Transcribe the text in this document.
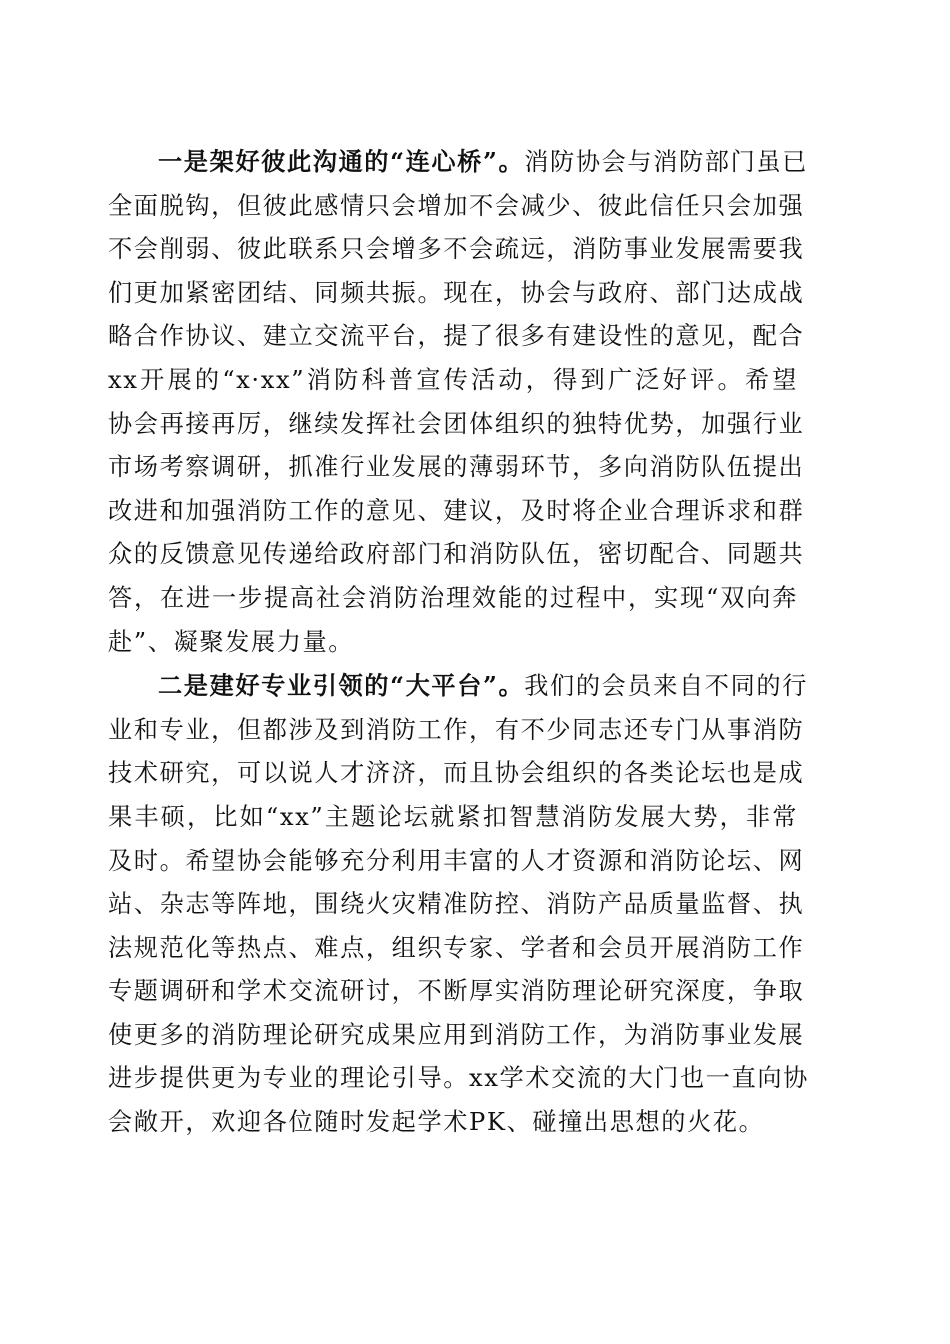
一是架好彼此沟通的“连心桥”。消防协会与消防部门虽已
全面脱钩，但彼此感情只会增加不会减少、彼此信任只会加强
不会削弱、彼此联系只会增多不会疏远，消防事业发展需要我
们更加紧密团结、同频共振。现在，协会与政府、部门达成战
略合作协议、建立交流平台，提了很多有建设性的意见，配合
xx开展的“x·xx”消防科普宣传活动，得到广泛好评。希望
协会再接再厉，继续发挥社会团体组织的独特优势，加强行业
市场考察调研，抓准行业发展的薄弱环节，多向消防队伍提出
改进和加强消防工作的意见、建议，及时将企业合理诉求和群
众的反馈意见传递给政府部门和消防队伍，密切配合、同题共
答，在进一步提高社会消防治理效能的过程中，实现“双向奔
赴”、凝聚发展力量。
二是建好专业引领的“大平台”。我们的会员来自不同的行
业和专业，但都涉及到消防工作，有不少同志还专门从事消防
技术研究，可以说人才济济，而且协会组织的各类论坛也是成
果丰硕，比如“xx”主题论坛就紧扣智慧消防发展大势，非常
及时。希望协会能够充分利用丰富的人才资源和消防论坛、网
站、杂志等阵地，围绕火灾精准防控、消防产品质量监督、执
法规范化等热点、难点，组织专家、学者和会员开展消防工作
专题调研和学术交流研讨，不断厚实消防理论研究深度，争取
使更多的消防理论研究成果应用到消防工作，为消防事业发展
进步提供更为专业的理论引导。xx学术交流的大门也一直向协
会敞开，欢迎各位随时发起学术PK、碰撞出思想的火花。
